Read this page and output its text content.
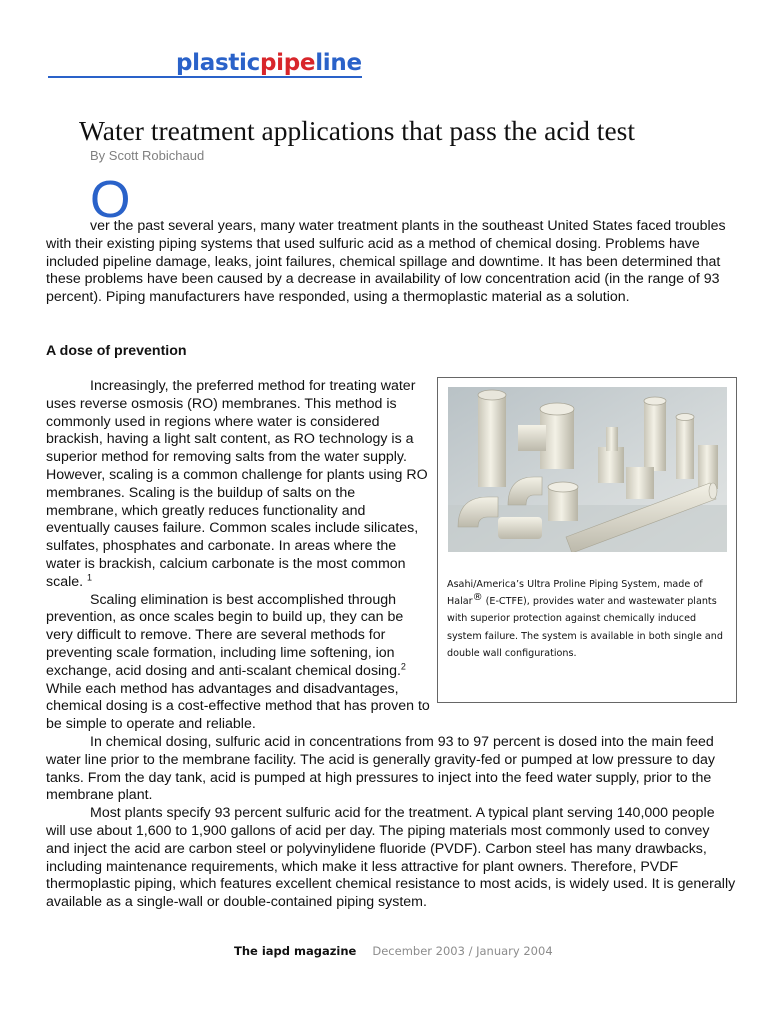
plasticpipeline
Water treatment applications that pass the acid test
By Scott Robichaud
O
ver the past several years, many water treatment plants in the southeast United States faced troubles with their existing piping systems that used sulfuric acid as a method of chemical dosing. Problems have included pipeline damage, leaks, joint failures, chemical spillage and downtime. It has been determined that these problems have been caused by a decrease in availability of low concentration acid (in the range of 93 percent). Piping manufacturers have responded, using a thermoplastic material as a solution.
A dose of prevention

Increasingly, the preferred method for treating water uses reverse osmosis (RO) membranes. This method is commonly used in regions where water is considered brackish, having a light salt content, as RO technology is a superior method for removing salts from the water supply. However, scaling is a common challenge for plants using RO membranes. Scaling is the buildup of salts on the membrane, which greatly reduces functionality and eventually causes failure. Common scales include silicates, sulfates, phosphates and carbonate. In areas where the water is brackish, calcium carbonate is the most common scale. $^1$

Scaling elimination is best accomplished through prevention, as once scales begin to build up, they can be very difficult to remove. There are several methods for preventing scale formation, including lime softening, ion exchange, acid dosing and anti-scalant chemical dosing.$^2$ While each method has advantages and disadvantages, chemical dosing is a cost-effective method that has proven to be simple to operate and reliable.

In chemical dosing, sulfuric acid in concentrations from 93 to 97 percent is dosed into the main feed water line prior to the membrane facility. The acid is generally gravity-fed or pumped at low pressure to day tanks. From the day tank, acid is pumped at high pressures to inject into the feed water supply, prior to the membrane plant.

Most plants specify 93 percent sulfuric acid for the treatment. A typical plant serving 140,000 people will use about 1,600 to 1,900 gallons of acid per day. The piping materials most commonly used to convey and inject the acid are carbon steel or polyvinylidene fluoride (PVDF). Carbon steel has many drawbacks, including maintenance requirements, which make it less attractive for plant owners. Therefore, PVDF thermoplastic piping, which features excellent chemical resistance to most acids, is widely used. It is generally available as a single-wall or double-contained piping system.

Asahi/America’s Ultra Proline Piping System, made of Halar® (E-CTFE), provides water and wastewater plants with superior protection against chemically induced system failure. The system is available in both single and double wall configurations.
The iapd magazine December 2003 / January 2004
